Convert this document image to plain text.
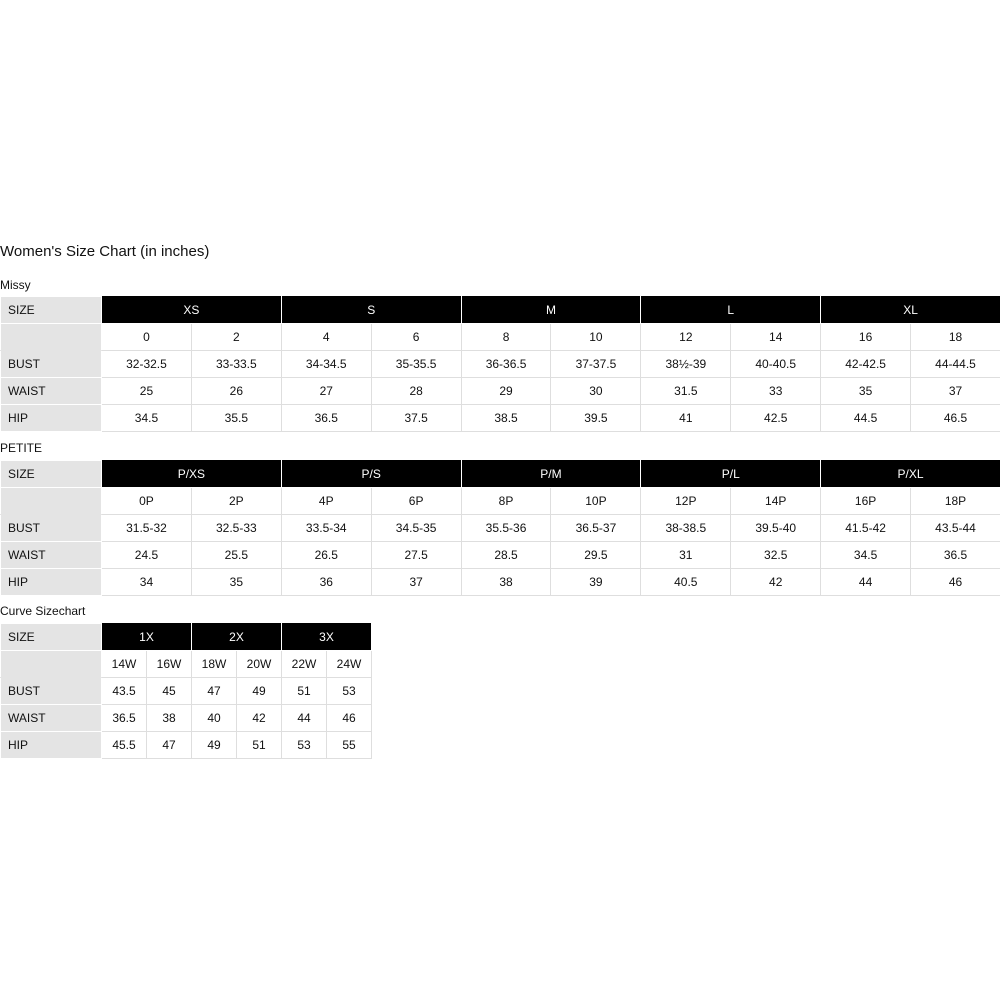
Women's Size Chart (in inches)
Missy
SIZE	XS		S		M		L		XL	
	0	2	4	6	8	10	12	14	16	18
BUST	32-32.5	33-33.5	34-34.5	35-35.5	36-36.5	37-37.5	38½-39	40-40.5	42-42.5	44-44.5
WAIST	25	26	27	28	29	30	31.5	33	35	37
HIP	34.5	35.5	36.5	37.5	38.5	39.5	41	42.5	44.5	46.5
PETITE
SIZE	P/XS		P/S		P/M		P/L		P/XL	
	0P	2P	4P	6P	8P	10P	12P	14P	16P	18P
BUST	31.5-32	32.5-33	33.5-34	34.5-35	35.5-36	36.5-37	38-38.5	39.5-40	41.5-42	43.5-44
WAIST	24.5	25.5	26.5	27.5	28.5	29.5	31	32.5	34.5	36.5
HIP	34	35	36	37	38	39	40.5	42	44	46
Curve Sizechart
SIZE	1X		2X		3X	
	14W	16W	18W	20W	22W	24W
BUST	43.5	45	47	49	51	53
WAIST	36.5	38	40	42	44	46
HIP	45.5	47	49	51	53	55
